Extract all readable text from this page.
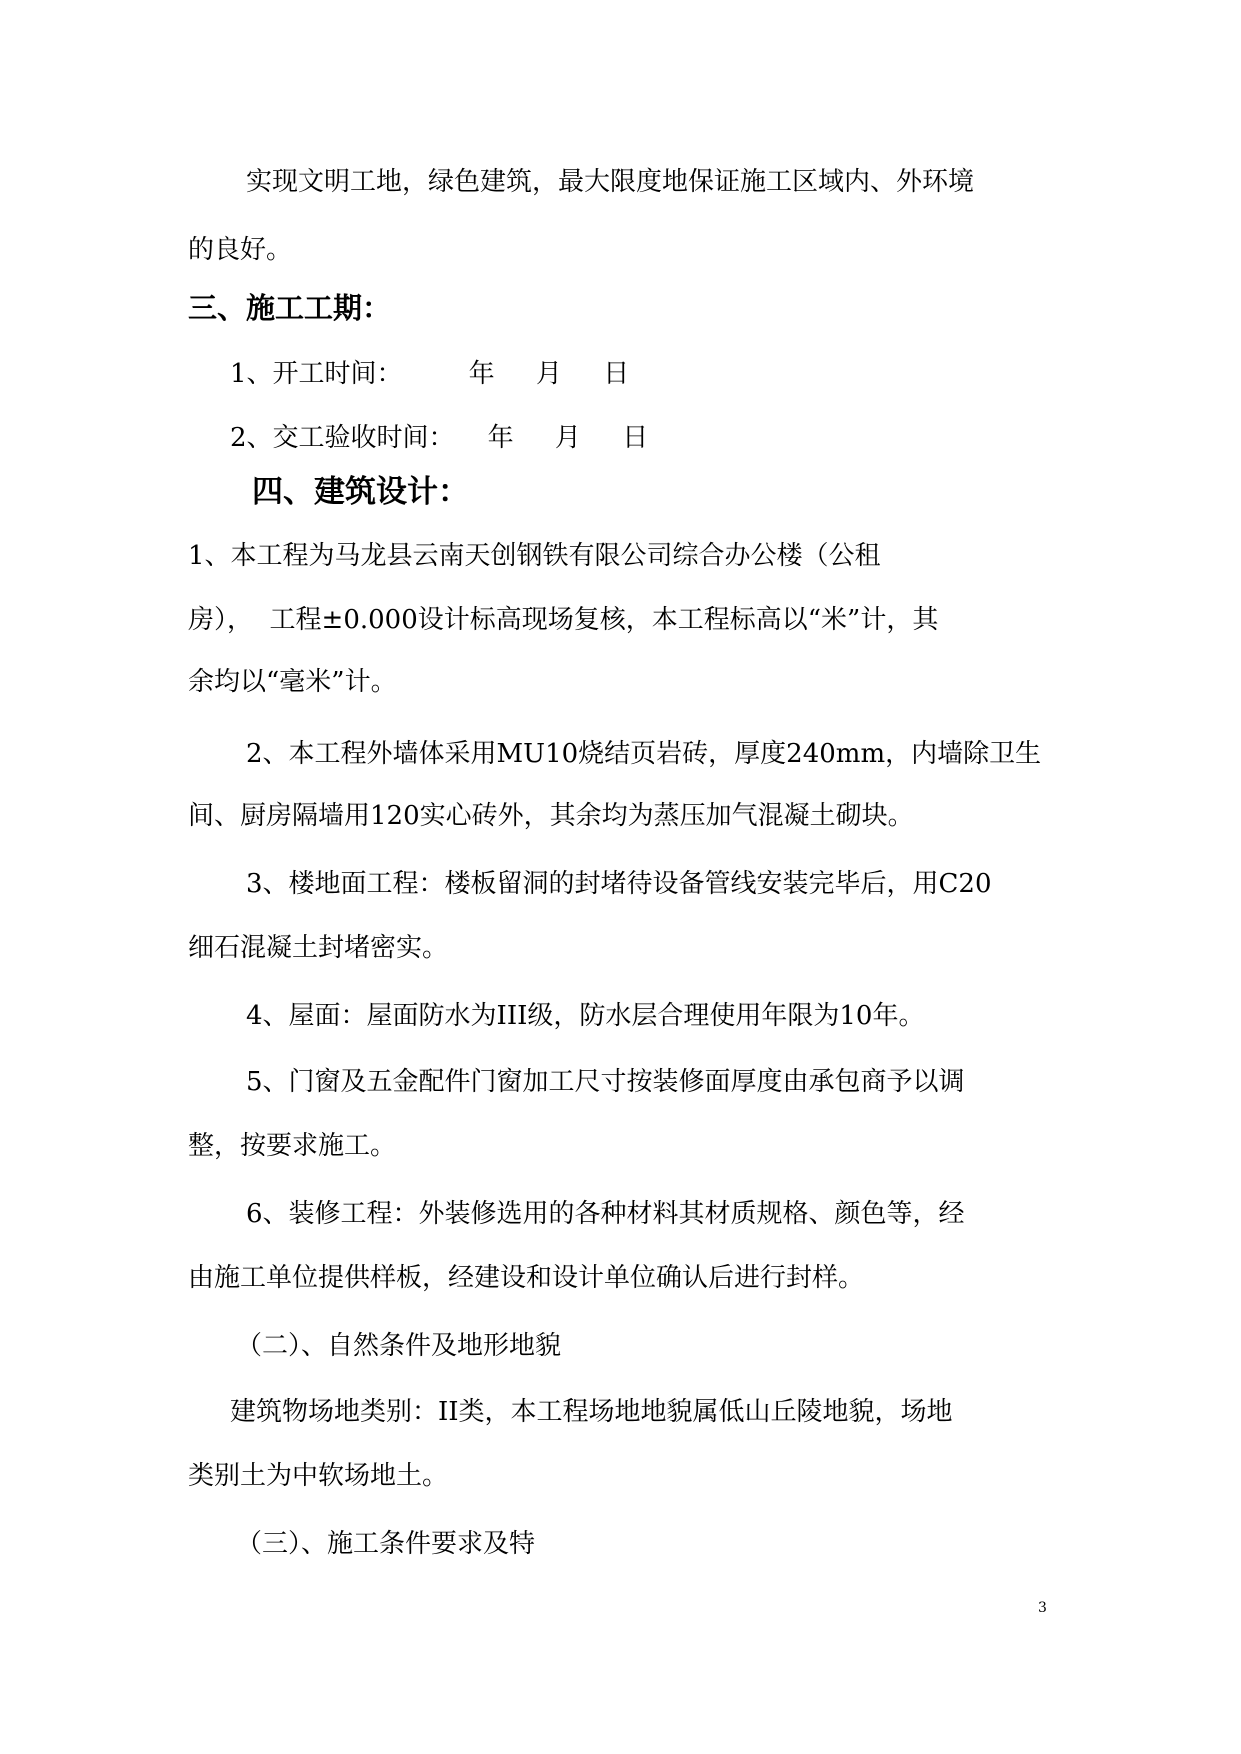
实现文明工地，绿色建筑，最大限度地保证施工区域内、外环境
的良好。
三、施工工期：
1、开工时间：        年     月     日
2、交工验收时间：    年     月     日
四、建筑设计：
1、本工程为马龙县云南天创钢铁有限公司综合办公楼（公租
房），  工程±0.000设计标高现场复核，本工程标高以“米”计，其
余均以“毫米”计。
2、本工程外墙体采用MU10烧结页岩砖，厚度240mm，内墙除卫生
间、厨房隔墙用120实心砖外，其余均为蒸压加气混凝土砌块。
3、楼地面工程：楼板留洞的封堵待设备管线安装完毕后，用C20
细石混凝土封堵密实。
4、屋面：屋面防水为III级，防水层合理使用年限为10年。
5、门窗及五金配件门窗加工尺寸按装修面厚度由承包商予以调
整，按要求施工。
6、装修工程：外装修选用的各种材料其材质规格、颜色等，经
由施工单位提供样板，经建设和设计单位确认后进行封样。
（二）、自然条件及地形地貌
建筑物场地类别：II类，本工程场地地貌属低山丘陵地貌，场地
类别土为中软场地土。
（三）、施工条件要求及特
3
